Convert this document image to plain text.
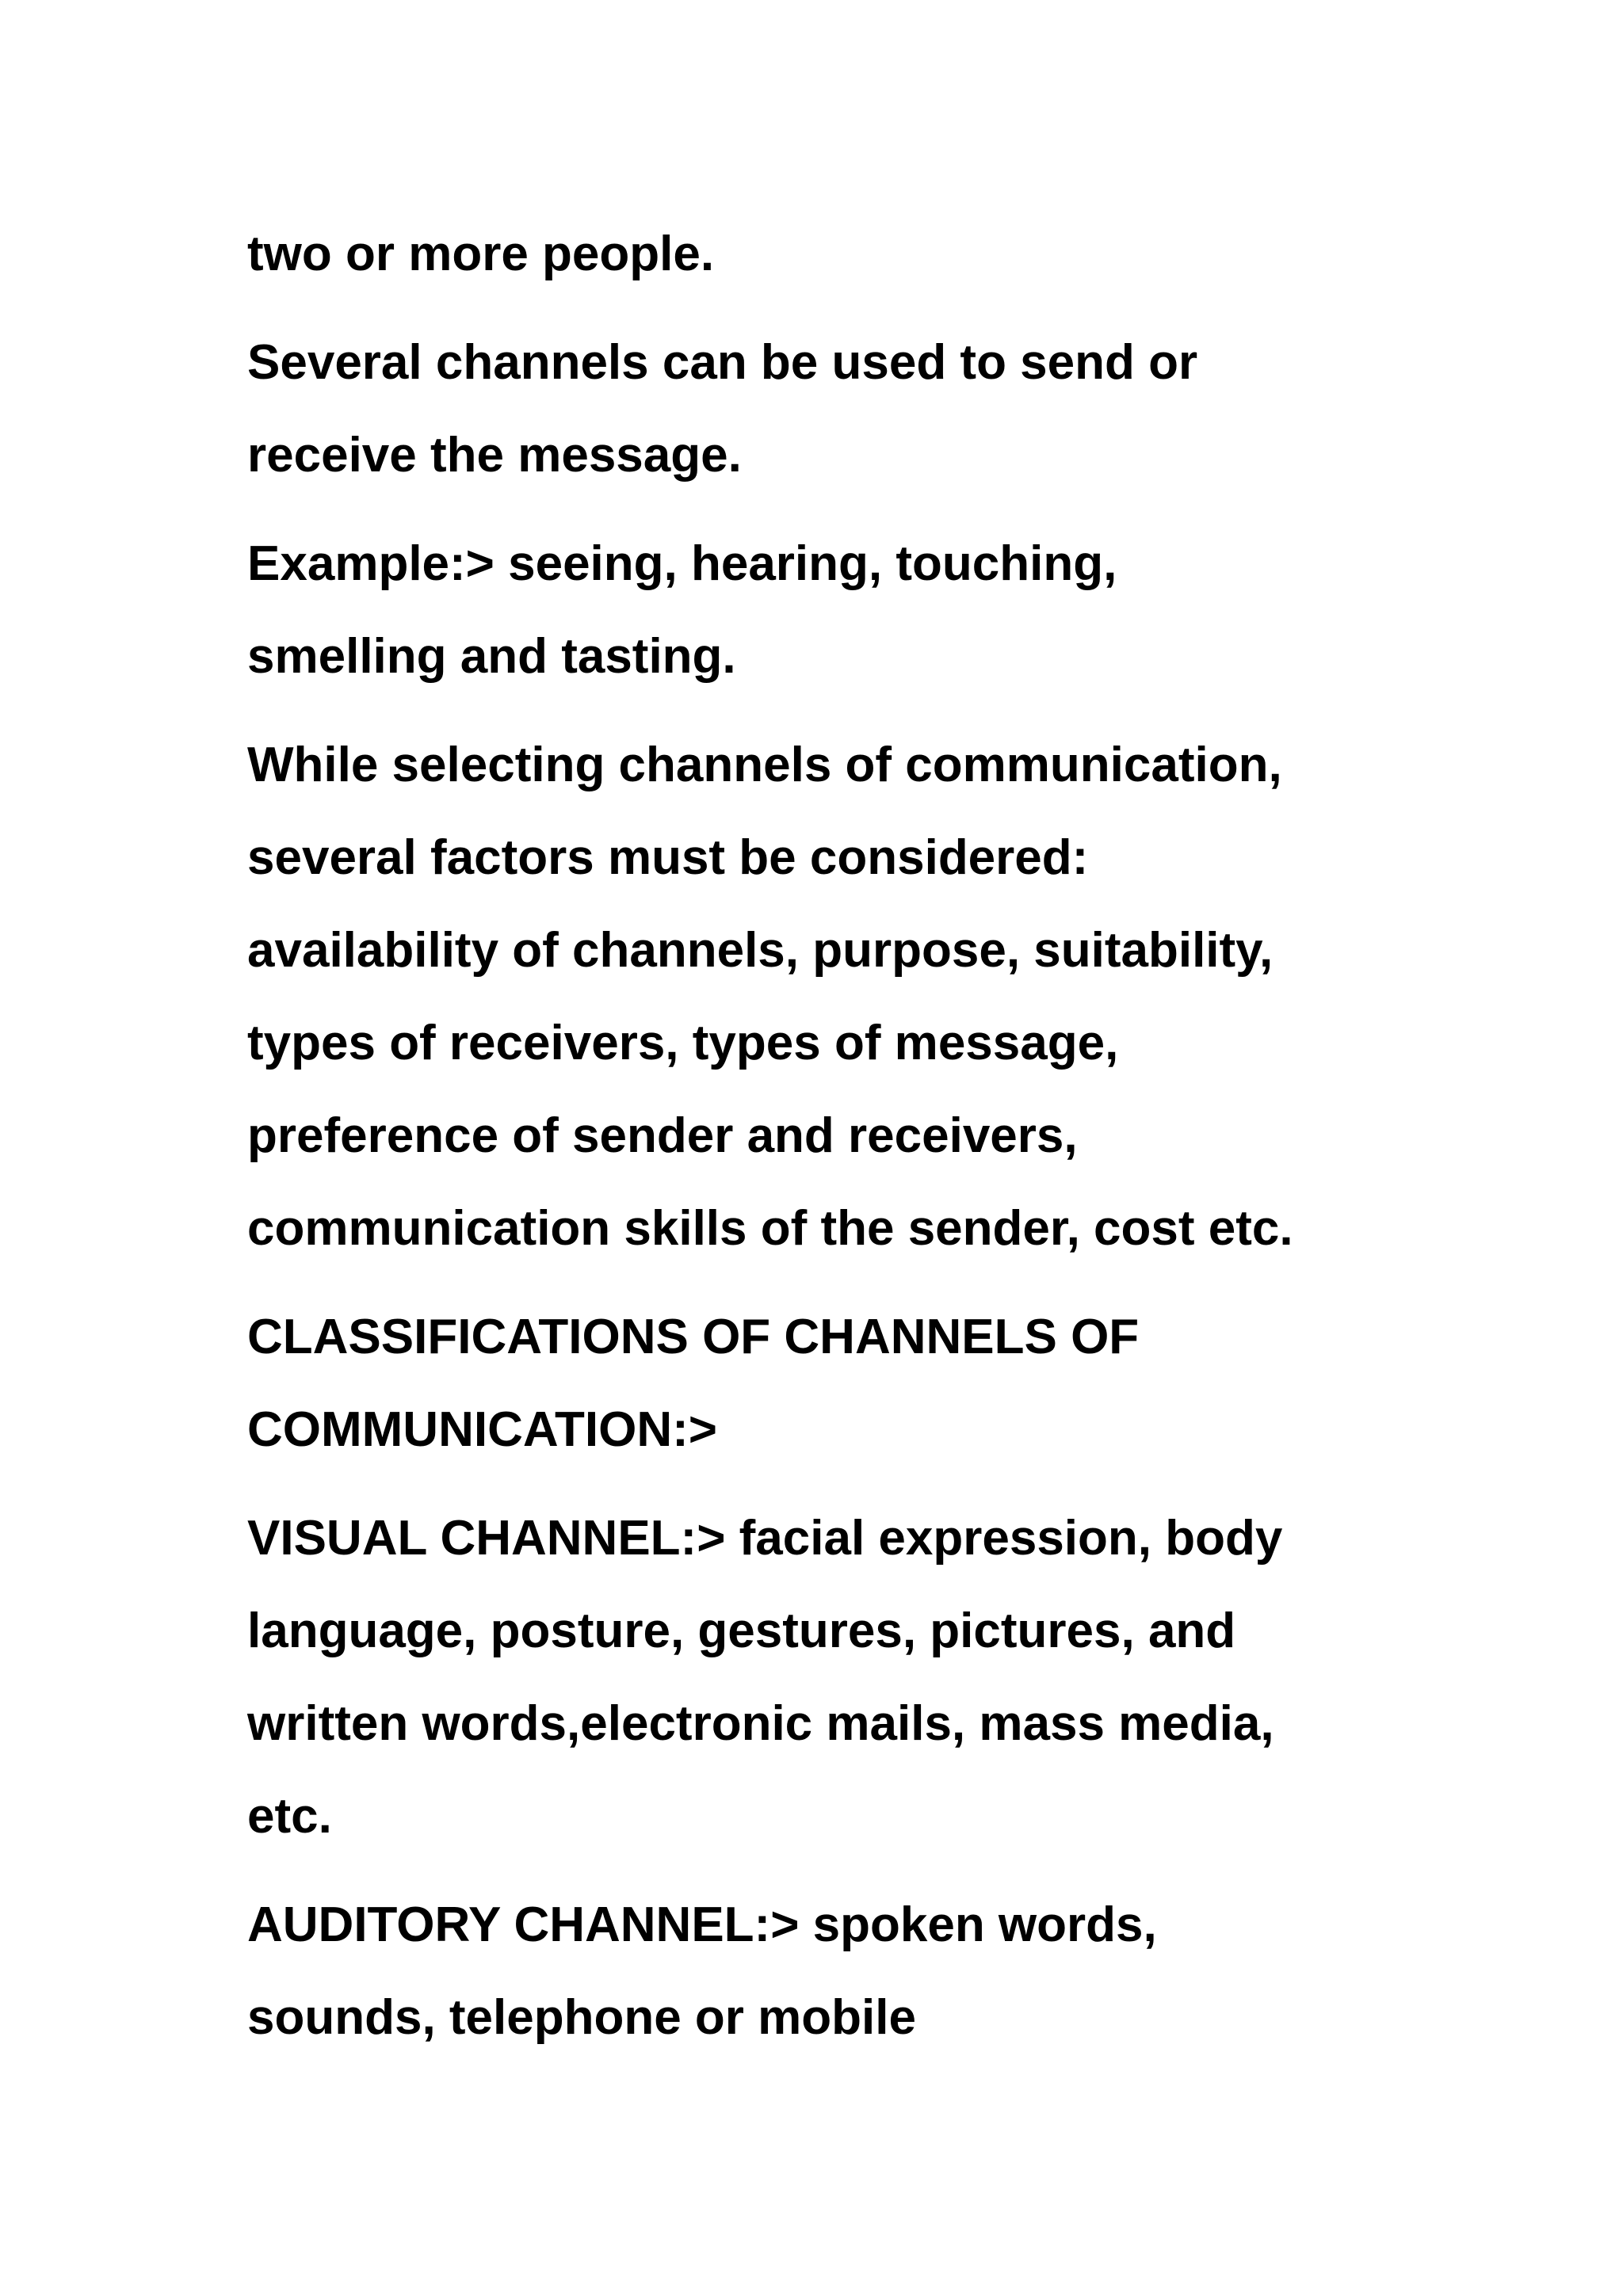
two or more people.

Several channels can be used to send or
receive the message.

Example:> seeing, hearing, touching,
smelling and tasting.

While selecting channels of communication,
several factors must be considered:
availability of channels, purpose, suitability,
types of receivers, types of message,
preference of sender and receivers,
communication skills of the sender, cost etc.

CLASSIFICATIONS OF CHANNELS OF
COMMUNICATION:>

VISUAL CHANNEL:> facial expression, body
language, posture, gestures, pictures, and
written words,electronic mails, mass media,
etc.

AUDITORY CHANNEL:> spoken words,
sounds, telephone or mobile
